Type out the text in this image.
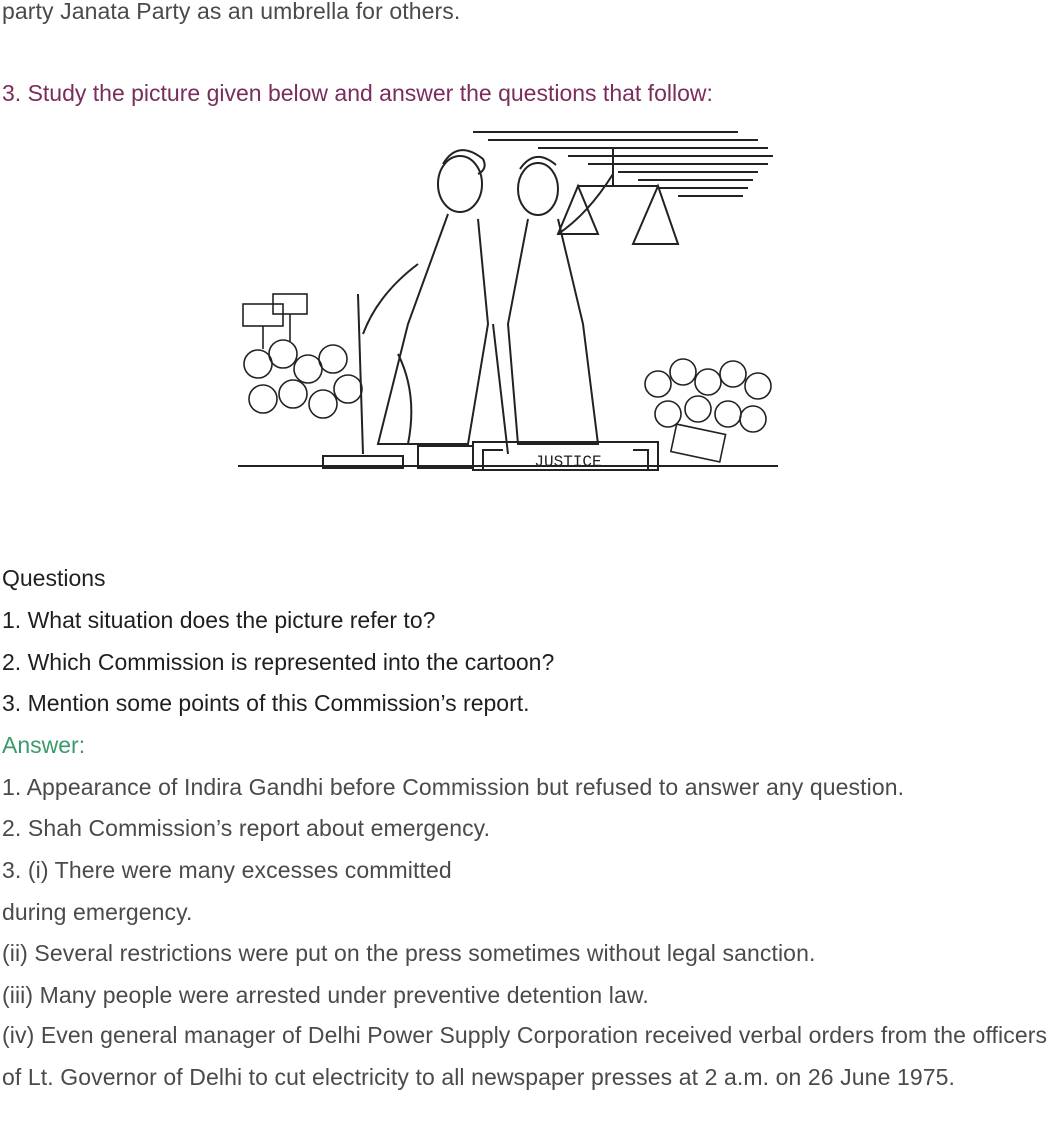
party Janata Party as an umbrella for others.

3. Study the picture given below and answer the questions that follow:

JUSTICE

Questions

1. What situation does the picture refer to?

2. Which Commission is represented into the cartoon?

3. Mention some points of this Commission’s report.

Answer:

1. Appearance of Indira Gandhi before Commission but refused to answer any question.

2. Shah Commission’s report about emergency.

3. (i) There were many excesses committed

during emergency.

(ii) Several restrictions were put on the press sometimes without legal sanction.

(iii) Many people were arrested under preventive detention law.

(iv) Even general manager of Delhi Power Supply Corporation received verbal orders from the officers of Lt. Governor of Delhi to cut electricity to all newspaper presses at 2 a.m. on 26 June 1975.
